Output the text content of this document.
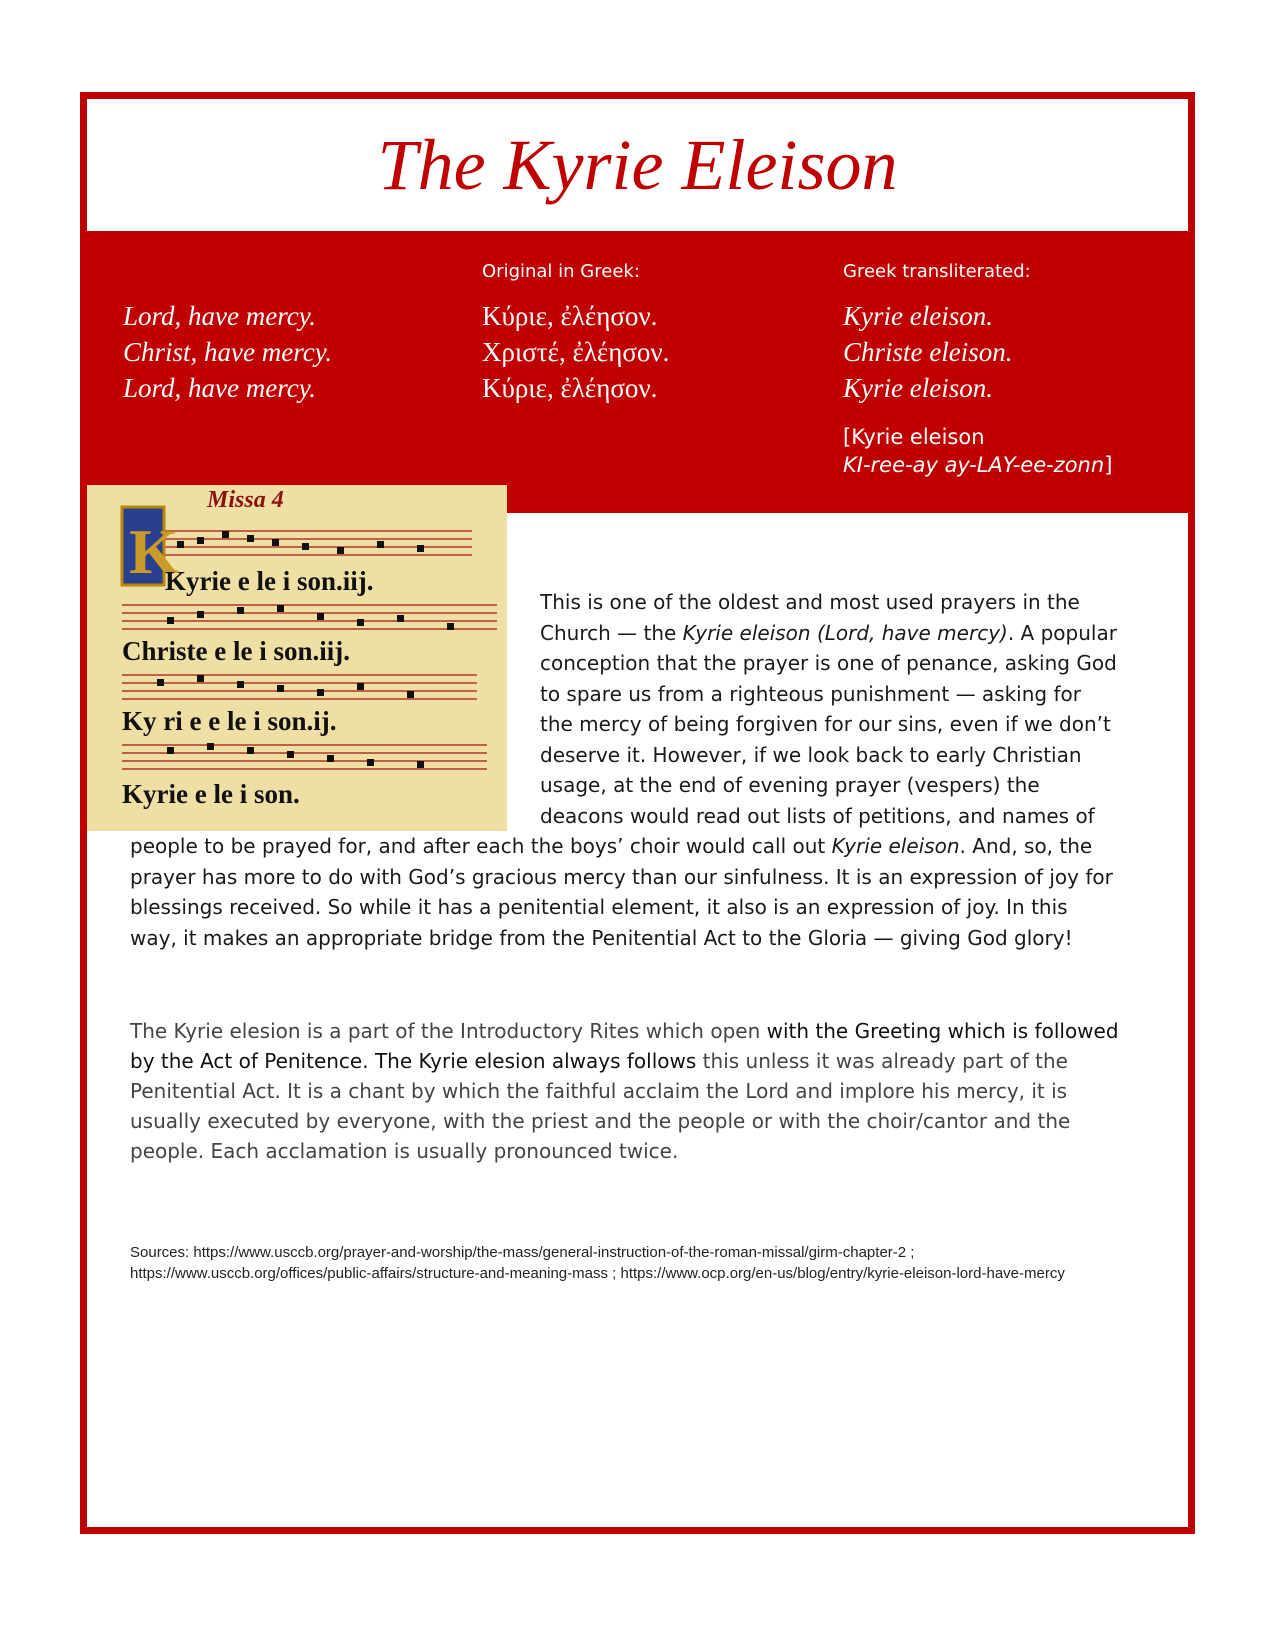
The Kyrie Eleison
Lord, have mercy.
Christ, have mercy.
Lord, have mercy.
Original in Greek:
Κύριε, ἐλέησον.
Χριστέ, ἐλέησον.
Κύριε, ἐλέησον.
Greek transliterated:
Kyrie eleison.
Christe eleison.
Kyrie eleison.
[Kyrie eleison
KI-ree-ay ay-LAY-ee-zonn]
Missa 4
K
Kyrie e le i son.iij.
Christe e le i son.iij.
Ky ri e e le i son.ij.
Kyrie e le i son.

This is one of the oldest and most used prayers in the Church — the Kyrie eleison (Lord, have mercy). A popular conception that the prayer is one of penance, asking God to spare us from a righteous punishment — asking for the mercy of being forgiven for our sins, even if we don’t deserve it. However, if we look back to early Christian usage, at the end of evening prayer (vespers) the deacons would read out lists of petitions, and names of people to be prayed for, and after each the boys’ choir would call out Kyrie eleison. And, so, the prayer has more to do with God’s gracious mercy than our sinfulness. It is an expression of joy for blessings received. So while it has a penitential element, it also is an expression of joy. In this way, it makes an appropriate bridge from the Penitential Act to the Gloria — giving God glory!

The Kyrie elesion is a part of the Introductory Rites which open with the Greeting which is followed by the Act of Penitence. The Kyrie elesion always follows this unless it was already part of the Penitential Act. It is a chant by which the faithful acclaim the Lord and implore his mercy, it is usually executed by everyone, with the priest and the people or with the choir/cantor and the people. Each acclamation is usually pronounced twice.

Sources: https://www.usccb.org/prayer-and-worship/the-mass/general-instruction-of-the-roman-missal/girm-chapter-2 ; https://www.usccb.org/offices/public-affairs/structure-and-meaning-mass ; https://www.ocp.org/en-us/blog/entry/kyrie-eleison-lord-have-mercy
